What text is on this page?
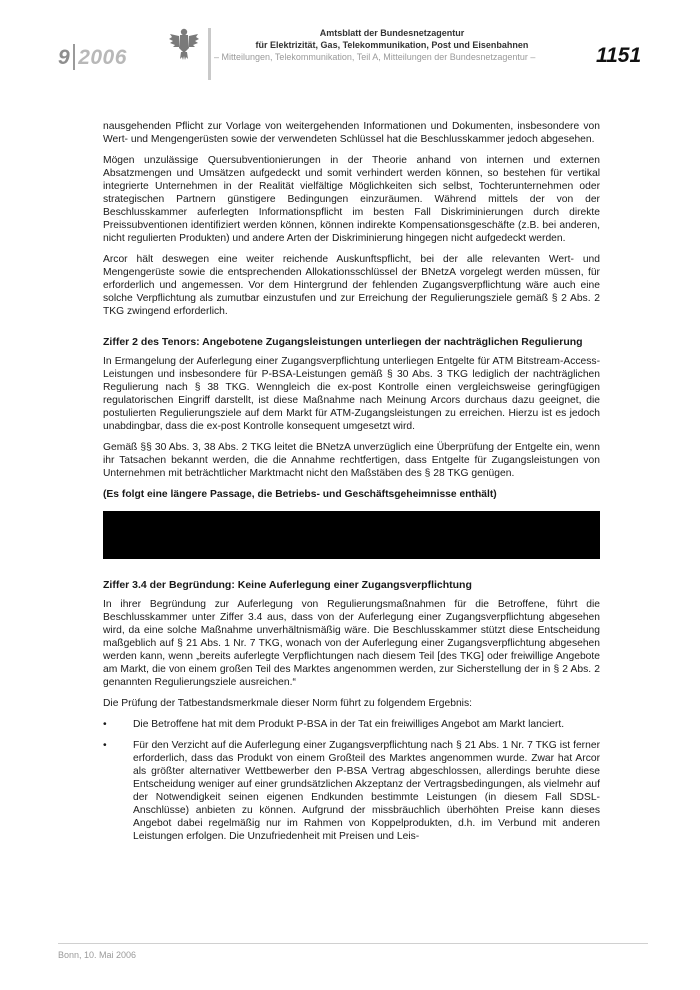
9 2006
Amtsblatt der Bundesnetzagentur
für Elektrizität, Gas, Telekommunikation, Post und Eisenbahnen
– Mitteilungen, Telekommunikation, Teil A, Mitteilungen der Bundesnetzagentur –	1151

nausgehenden Pflicht zur Vorlage von weitergehenden Informationen und Dokumenten, insbesondere von Wert- und Mengengerüsten sowie der verwendeten Schlüssel hat die Beschlusskammer jedoch abgesehen.

Mögen unzulässige Quersubventionierungen in der Theorie anhand von internen und externen Absatzmengen und Umsätzen aufgedeckt und somit verhindert werden können, so bestehen für vertikal integrierte Unternehmen in der Realität vielfältige Möglichkeiten sich selbst, Tochterunternehmen oder strategischen Partnern günstigere Bedingungen einzuräumen. Während mittels der von der Beschlusskammer auferlegten Informationspflicht im besten Fall Diskriminierungen durch direkte Preissubventionen identifiziert werden können, können indirekte Kompensationsgeschäfte (z.B. bei anderen, nicht regulierten Produkten) und andere Arten der Diskriminierung hingegen nicht aufgedeckt werden.

Arcor hält deswegen eine weiter reichende Auskunftspflicht, bei der alle relevanten Wert- und Mengengerüste sowie die entsprechenden Allokationsschlüssel der BNetzA vorgelegt werden müssen, für erforderlich und angemessen. Vor dem Hintergrund der fehlenden Zugangsverpflichtung wäre auch eine solche Verpflichtung als zumutbar einzustufen und zur Erreichung der Regulierungsziele gemäß § 2 Abs. 2 TKG zwingend erforderlich.

Ziffer 2 des Tenors: Angebotene Zugangsleistungen unterliegen der nachträglichen Regulierung

In Ermangelung der Auferlegung einer Zugangsverpflichtung unterliegen Entgelte für ATM Bitstream-Access-Leistungen und insbesondere für P-BSA-Leistungen gemäß § 30 Abs. 3 TKG lediglich der nachträglichen Regulierung nach § 38 TKG. Wenngleich die ex-post Kontrolle einen vergleichsweise geringfügigen regulatorischen Eingriff darstellt, ist diese Maßnahme nach Meinung Arcors durchaus dazu geeignet, die postulierten Regulierungsziele auf dem Markt für ATM-Zugangsleistungen zu erreichen. Hierzu ist es jedoch unabdingbar, dass die ex-post Kontrolle konsequent umgesetzt wird.

Gemäß §§ 30 Abs. 3, 38 Abs. 2 TKG leitet die BNetzA unverzüglich eine Überprüfung der Entgelte ein, wenn ihr Tatsachen bekannt werden, die die Annahme rechtfertigen, dass Entgelte für Zugangsleistungen von Unternehmen mit beträchtlicher Marktmacht nicht den Maßstäben des § 28 TKG genügen.

(Es folgt eine längere Passage, die Betriebs- und Geschäftsgeheimnisse enthält)

Ziffer 3.4 der Begründung: Keine Auferlegung einer Zugangsverpflichtung

In ihrer Begründung zur Auferlegung von Regulierungsmaßnahmen für die Betroffene, führt die Beschlusskammer unter Ziffer 3.4 aus, dass von der Auferlegung einer Zugangsverpflichtung abgesehen wird, da eine solche Maßnahme unverhältnismäßig wäre. Die Beschlusskammer stützt diese Entscheidung maßgeblich auf § 21 Abs. 1 Nr. 7 TKG, wonach von der Auferlegung einer Zugangsverpflichtung abgesehen werden kann, wenn „bereits auferlegte Verpflichtungen nach diesem Teil [des TKG] oder freiwillige Angebote am Markt, die von einem großen Teil des Marktes angenommen werden, zur Sicherstellung der in § 2 Abs. 2 genannten Regulierungsziele ausreichen.“

Die Prüfung der Tatbestandsmerkmale dieser Norm führt zu folgendem Ergebnis:

•	Die Betroffene hat mit dem Produkt P-BSA in der Tat ein freiwilliges Angebot am Markt lanciert.
•	Für den Verzicht auf die Auferlegung einer Zugangsverpflichtung nach § 21 Abs. 1 Nr. 7 TKG ist ferner erforderlich, dass das Produkt von einem Großteil des Marktes angenommen wurde. Zwar hat Arcor als größter alternativer Wettbewerber den P-BSA Vertrag abgeschlossen, allerdings beruhte diese Entscheidung weniger auf einer grundsätzlichen Akzeptanz der Vertragsbedingungen, als vielmehr auf der Notwendigkeit seinen eigenen Endkunden bestimmte Leistungen (in diesem Fall SDSL-Anschlüsse) anbieten zu können. Aufgrund der missbräuchlich überhöhten Preise kann dieses Angebot dabei regelmäßig nur im Rahmen von Koppelprodukten, d.h. im Verbund mit anderen Leistungen erfolgen. Die Unzufriedenheit mit Preisen und Leis-
Bonn, 10. Mai 2006
